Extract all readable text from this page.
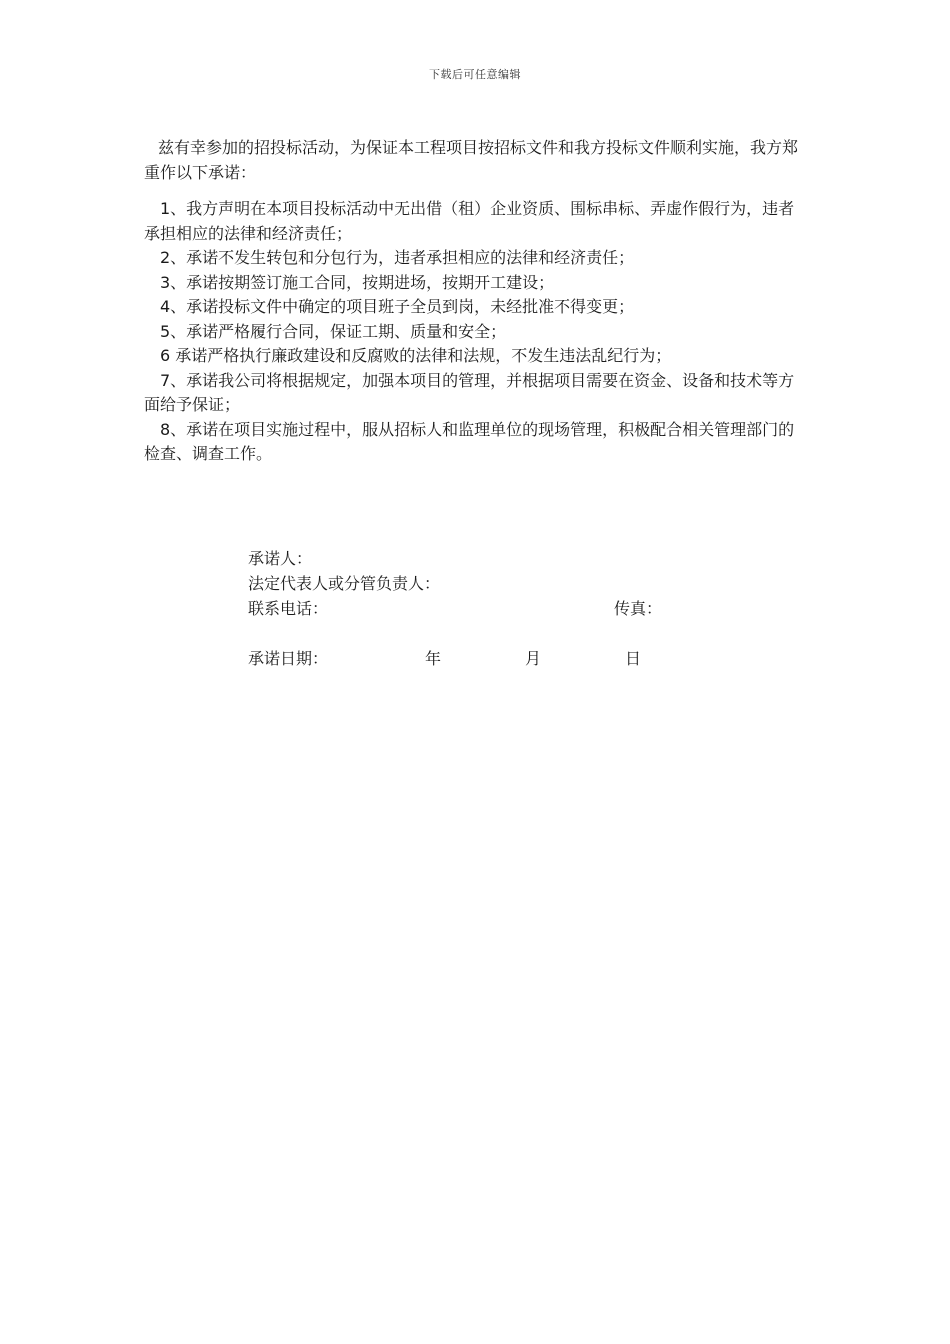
下载后可任意编辑

兹有幸参加的招投标活动，为保证本工程项目按招标文件和我方投标文件顺利实施，我方郑重作以下承诺：

1、我方声明在本项目投标活动中无出借（租）企业资质、围标串标、弄虚作假行为，违者承担相应的法律和经济责任；

2、承诺不发生转包和分包行为，违者承担相应的法律和经济责任；

3、承诺按期签订施工合同，按期进场，按期开工建设；

4、承诺投标文件中确定的项目班子全员到岗，未经批准不得变更；

5、承诺严格履行合同，保证工期、质量和安全；

6 承诺严格执行廉政建设和反腐败的法律和法规，不发生违法乱纪行为；

7、承诺我公司将根据规定，加强本项目的管理，并根据项目需要在资金、设备和技术等方面给予保证；

8、承诺在项目实施过程中，服从招标人和监理单位的现场管理，积极配合相关管理部门的检查、调查工作。

承诺人：
法定代表人或分管负责人：
联系电话：	传真：
承诺日期：	年	月	日
